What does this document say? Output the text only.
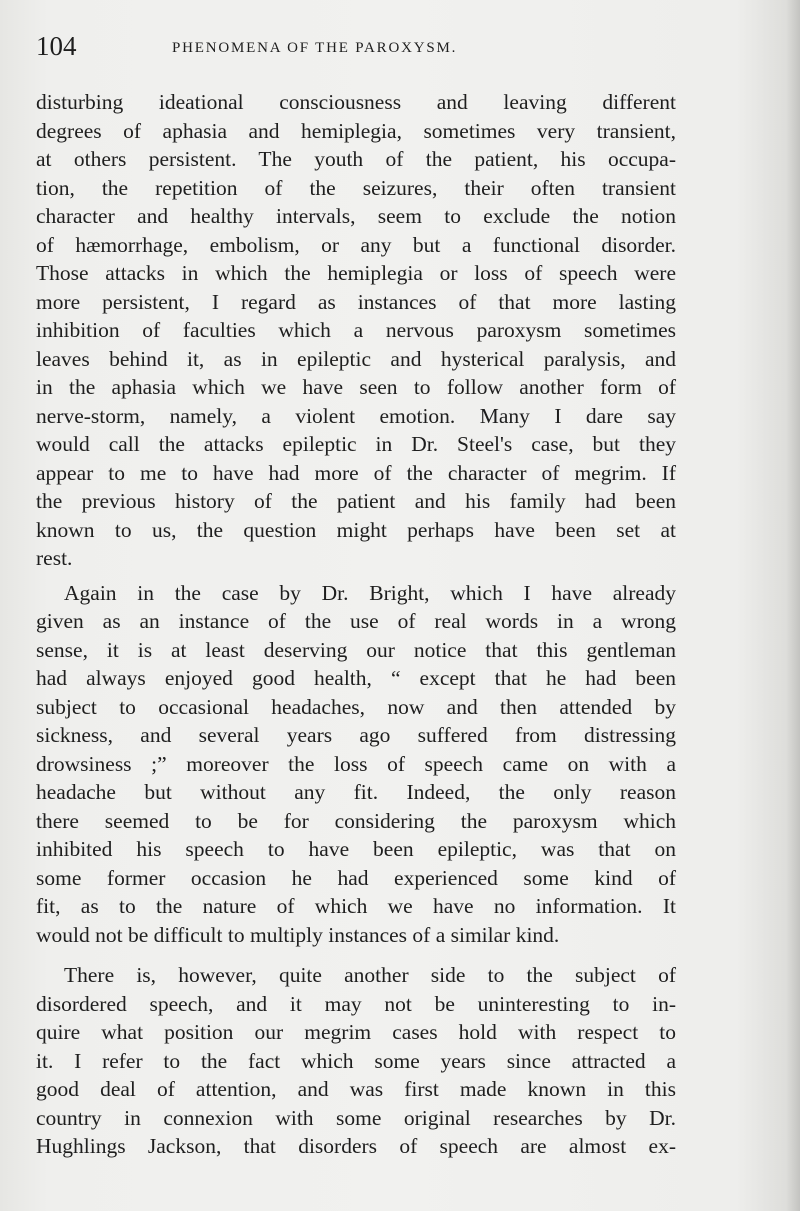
104	PHENOMENA OF THE PAROXYSM.
disturbing ideational consciousness and leaving different
degrees of aphasia and hemiplegia, sometimes very transient,
at others persistent. The youth of the patient, his occupa-
tion, the repetition of the seizures, their often transient
character and healthy intervals, seem to exclude the notion
of hæmorrhage, embolism, or any but a functional disorder.
Those attacks in which the hemiplegia or loss of speech were
more persistent, I regard as instances of that more lasting
inhibition of faculties which a nervous paroxysm sometimes
leaves behind it, as in epileptic and hysterical paralysis, and
in the aphasia which we have seen to follow another form of
nerve-storm, namely, a violent emotion. Many I dare say
would call the attacks epileptic in Dr. Steel's case, but they
appear to me to have had more of the character of megrim. If
the previous history of the patient and his family had been
known to us, the question might perhaps have been set at
rest.
Again in the case by Dr. Bright, which I have already
given as an instance of the use of real words in a wrong
sense, it is at least deserving our notice that this gentleman
had always enjoyed good health, “ except that he had been
subject to occasional headaches, now and then attended by
sickness, and several years ago suffered from distressing
drowsiness ;” moreover the loss of speech came on with a
headache but without any fit. Indeed, the only reason
there seemed to be for considering the paroxysm which
inhibited his speech to have been epileptic, was that on
some former occasion he had experienced some kind of
fit, as to the nature of which we have no information. It
would not be difficult to multiply instances of a similar kind.
There is, however, quite another side to the subject of
disordered speech, and it may not be uninteresting to in-
quire what position our megrim cases hold with respect to
it. I refer to the fact which some years since attracted a
good deal of attention, and was first made known in this
country in connexion with some original researches by Dr.
Hughlings Jackson, that disorders of speech are almost ex-
